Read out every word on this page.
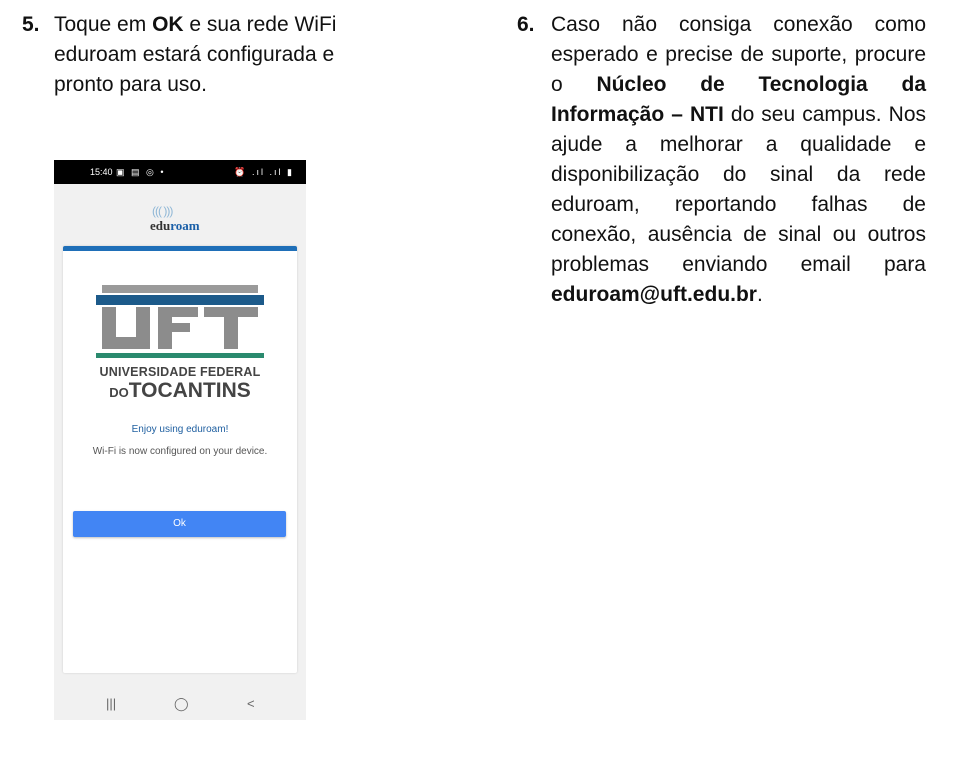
5. Toque em OK e sua rede WiFi eduroam estará configurada e pronto para uso.
6. Caso não consiga conexão como esperado e precise de suporte, procure o Núcleo de Tecnologia da Informação – NTI do seu campus. Nos ajude a melhorar a qualidade e disponibilização do sinal da rede eduroam, reportando falhas de conexão, ausência de sinal ou outros problemas enviando email para eduroam@uft.edu.br.
15:40 ▣ ▤ ◎ •	⏰ .ıl .ıl ▮
((( )))
eduroam
UNIVERSIDADE FEDERAL
DOTOCANTINS
Enjoy using eduroam!
Wi-Fi is now configured on your device.
Ok
|||	◯	<
